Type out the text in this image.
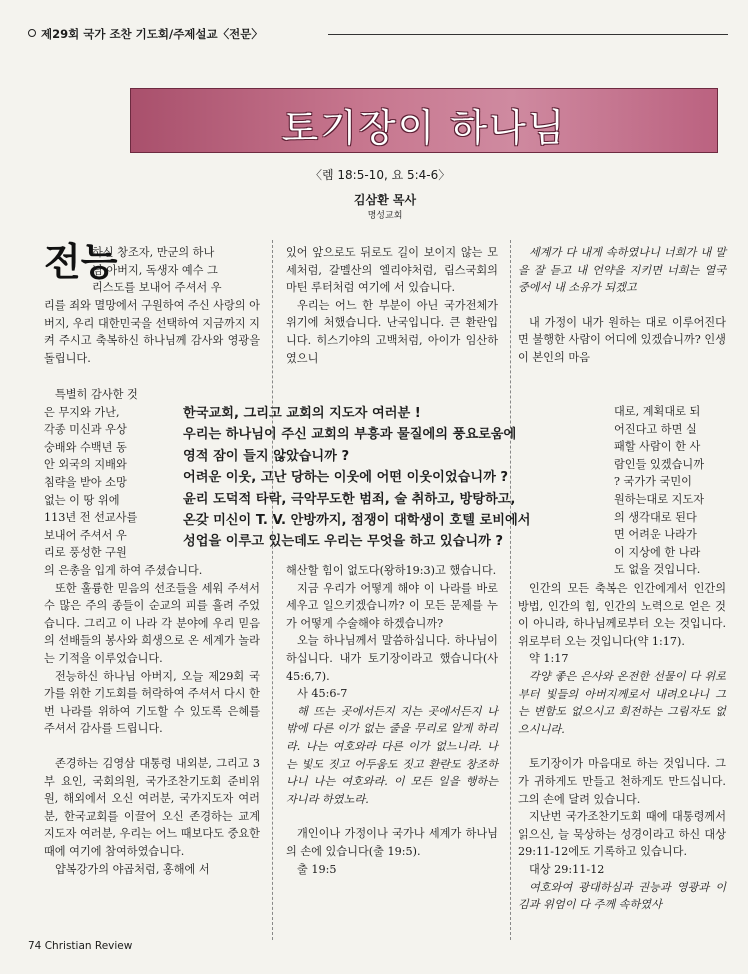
제29회 국가 조찬 기도회/주제설교〈전문〉
토기장이 하나님
〈렘 18:5-10, 요 5:4-6〉
김삼환 목사
명성교회
전능

하신 창조자, 만군의 하나

님 아버지, 독생자 예수 그

리스도를 보내어 주셔서 우

리를 죄와 멸망에서 구원하여 주신 사랑의 아버지, 우리 대한민국을 선택하여 지금까지 지켜 주시고 축복하신 하나님께 감사와 영광을 돌립니다.

특별히 감사한 것

은 무지와 가난,

각종 미신과 우상

숭배와 수백년 동

안 외국의 지배와

침략을 받아 소망

없는 이 땅 위에

113년 전 선교사를

보내어 주셔서 우

리로 풍성한 구원

의 은총을 입게 하여 주셨습니다.

또한 훌륭한 믿음의 선조들을 세워 주셔서 수 많은 주의 종들이 순교의 피를 흘려 주었습니다. 그리고 이 나라 각 분야에 우리 믿음의 선배들의 봉사와 희생으로 온 세계가 놀라는 기적을 이루었습니다.

전능하신 하나님 아버지, 오늘 제29회 국가를 위한 기도회를 허락하여 주셔서 다시 한 번 나라를 위하여 기도할 수 있도록 은혜를 주셔서 감사를 드립니다.

존경하는 김영삼 대통령 내외분, 그리고 3부 요인, 국회의원, 국가조찬기도회 준비위원, 해외에서 오신 여러분, 국가지도자 여러분, 한국교회를 이끌어 오신 존경하는 교계 지도자 여러분, 우리는 어느 때보다도 중요한 때에 여기에 참여하였습니다.

얍복강가의 야곱처럼, 홍해에 서

있어 앞으로도 뒤로도 길이 보이지 않는 모세처럼, 갈멜산의 엘리야처럼, 림스국회의 마틴 루터처럼 여기에 서 있습니다.

우리는 어느 한 부분이 아닌 국가전체가 위기에 처했습니다. 난국입니다. 큰 환란입니다. 히스기야의 고백처럼, 아이가 임산하였으니

해산할 힘이 없도다(왕하19:3)고 했습니다.

지금 우리가 어떻게 해야 이 나라를 바로 세우고 일으키겠습니까? 이 모든 문제를 누가 어떻게 수술해야 하겠습니까?

오늘 하나님께서 말씀하십니다. 하나님이 하십니다. 내가 토기장이라고 했습니다(사 45:6,7).

사 45:6-7

해 뜨는 곳에서든지 지는 곳에서든지 나 밖에 다른 이가 없는 줄을 무리로 알게 하리라. 나는 여호와라 다른 이가 없느니라. 나는 빛도 짓고 어두움도 짓고 환란도 창조하나니 나는 여호와라. 이 모든 일을 행하는 자니라 하였노라.

개인이나 가정이나 국가나 세계가 하나님의 손에 있습니다(출 19:5).

출 19:5

세계가 다 내게 속하였나니 너희가 내 말을 잘 듣고 내 언약을 지키면 너희는 열국 중에서 내 소유가 되겠고

내 가정이 내가 원하는 대로 이루어진다면 불행한 사람이 어디에 있겠습니까? 인생이 본인의 마음

대로, 계획대로 되

어진다고 하면 실

패할 사람이 한 사

람인들 있겠습니까

? 국가가 국민이

원하는대로 지도자

의 생각대로 된다

면 어려운 나라가

이 지상에 한 나라

도 없을 것입니다.

인간의 모든 축복은 인간에게서 인간의 방법, 인간의 힘, 인간의 노력으로 얻은 것이 아니라, 하나님께로부터 오는 것입니다. 위로부터 오는 것입니다(약 1:17).

약 1:17

각양 좋은 은사와 온전한 선물이 다 위로부터 빛들의 아버지께로서 내려오나니 그는 변함도 없으시고 회전하는 그림자도 없으시니라.

토기장이가 마음대로 하는 것입니다. 그가 귀하게도 만들고 천하게도 만드십니다. 그의 손에 달려 있습니다.

지난번 국가조찬기도회 때에 대통령께서 읽으신, 늘 묵상하는 성경이라고 하신 대상 29:11-12에도 기록하고 있습니다.

대상 29:11-12

여호와여 광대하심과 권능과 영광과 이김과 위엄이 다 주께 속하였사

한국교회, 그리고 교회의 지도자 여러분 !
우리는 하나님이 주신 교회의 부흥과 물질에의 풍요로움에
영적 잠이 들지 않았습니까 ?
어려운 이웃, 고난 당하는 이웃에 어떤 이웃이었습니까 ?
윤리 도덕적 타락, 극악무도한 범죄, 술 취하고, 방탕하고,
온갖 미신이 T. V. 안방까지, 점쟁이 대학생이 호텔 로비에서
성업을 이루고 있는데도 우리는 무엇을 하고 있습니까 ?
74 Christian Review
